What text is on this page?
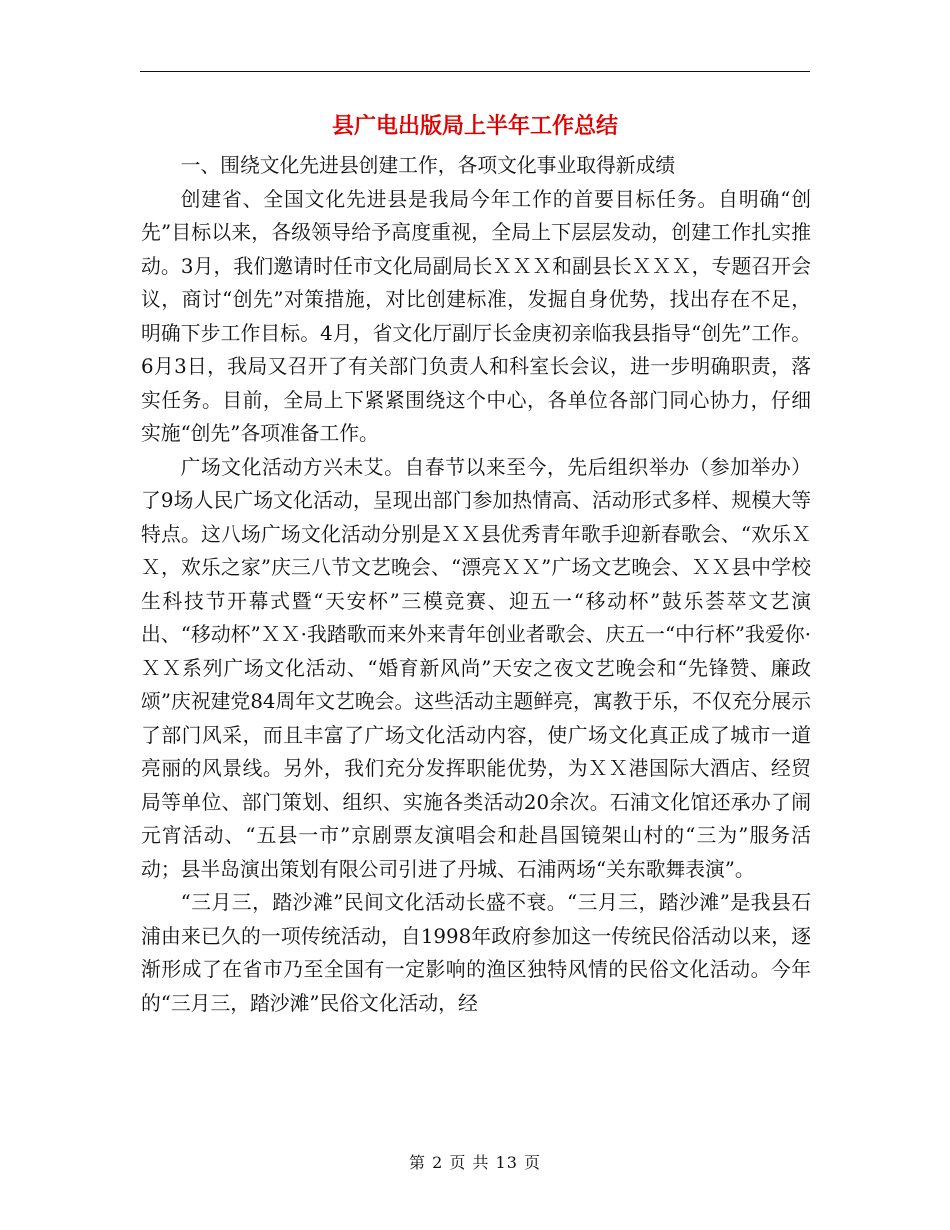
县广电出版局上半年工作总结

一、围绕文化先进县创建工作，各项文化事业取得新成绩

创建省、全国文化先进县是我局今年工作的首要目标任务。自明确“创先”目标以来，各级领导给予高度重视，全局上下层层发动，创建工作扎实推动。3月，我们邀请时任市文化局副局长ＸＸＸ和副县长ＸＸＸ，专题召开会议，商讨“创先”对策措施，对比创建标准，发掘自身优势，找出存在不足，明确下步工作目标。4月，省文化厅副厅长金庚初亲临我县指导“创先”工作。6月3日，我局又召开了有关部门负责人和科室长会议，进一步明确职责，落实任务。目前，全局上下紧紧围绕这个中心，各单位各部门同心协力，仔细实施“创先”各项准备工作。

广场文化活动方兴未艾。自春节以来至今，先后组织举办（参加举办）了9场人民广场文化活动，呈现出部门参加热情高、活动形式多样、规模大等特点。这八场广场文化活动分别是ＸＸ县优秀青年歌手迎新春歌会、“欢乐ＸＸ，欢乐之家”庆三八节文艺晚会、“漂亮ＸＸ”广场文艺晚会、ＸＸ县中学校生科技节开幕式暨“天安杯”三模竞赛、迎五一“移动杯”鼓乐荟萃文艺演出、“移动杯”ＸＸ·我踏歌而来外来青年创业者歌会、庆五一“中行杯”我爱你·ＸＸ系列广场文化活动、“婚育新风尚”天安之夜文艺晚会和“先锋赞、廉政颂”庆祝建党84周年文艺晚会。这些活动主题鲜亮，寓教于乐，不仅充分展示了部门风采，而且丰富了广场文化活动内容，使广场文化真正成了城市一道亮丽的风景线。另外，我们充分发挥职能优势，为ＸＸ港国际大酒店、经贸局等单位、部门策划、组织、实施各类活动20余次。石浦文化馆还承办了闹元宵活动、“五县一市”京剧票友演唱会和赴昌国镜架山村的“三为”服务活动；县半岛演出策划有限公司引进了丹城、石浦两场“关东歌舞表演”。

“三月三，踏沙滩”民间文化活动长盛不衰。“三月三，踏沙滩”是我县石浦由来已久的一项传统活动，自1998年政府参加这一传统民俗活动以来，逐渐形成了在省市乃至全国有一定影响的渔区独特风情的民俗文化活动。今年的“三月三，踏沙滩”民俗文化活动，经

第 2 页 共 13 页
